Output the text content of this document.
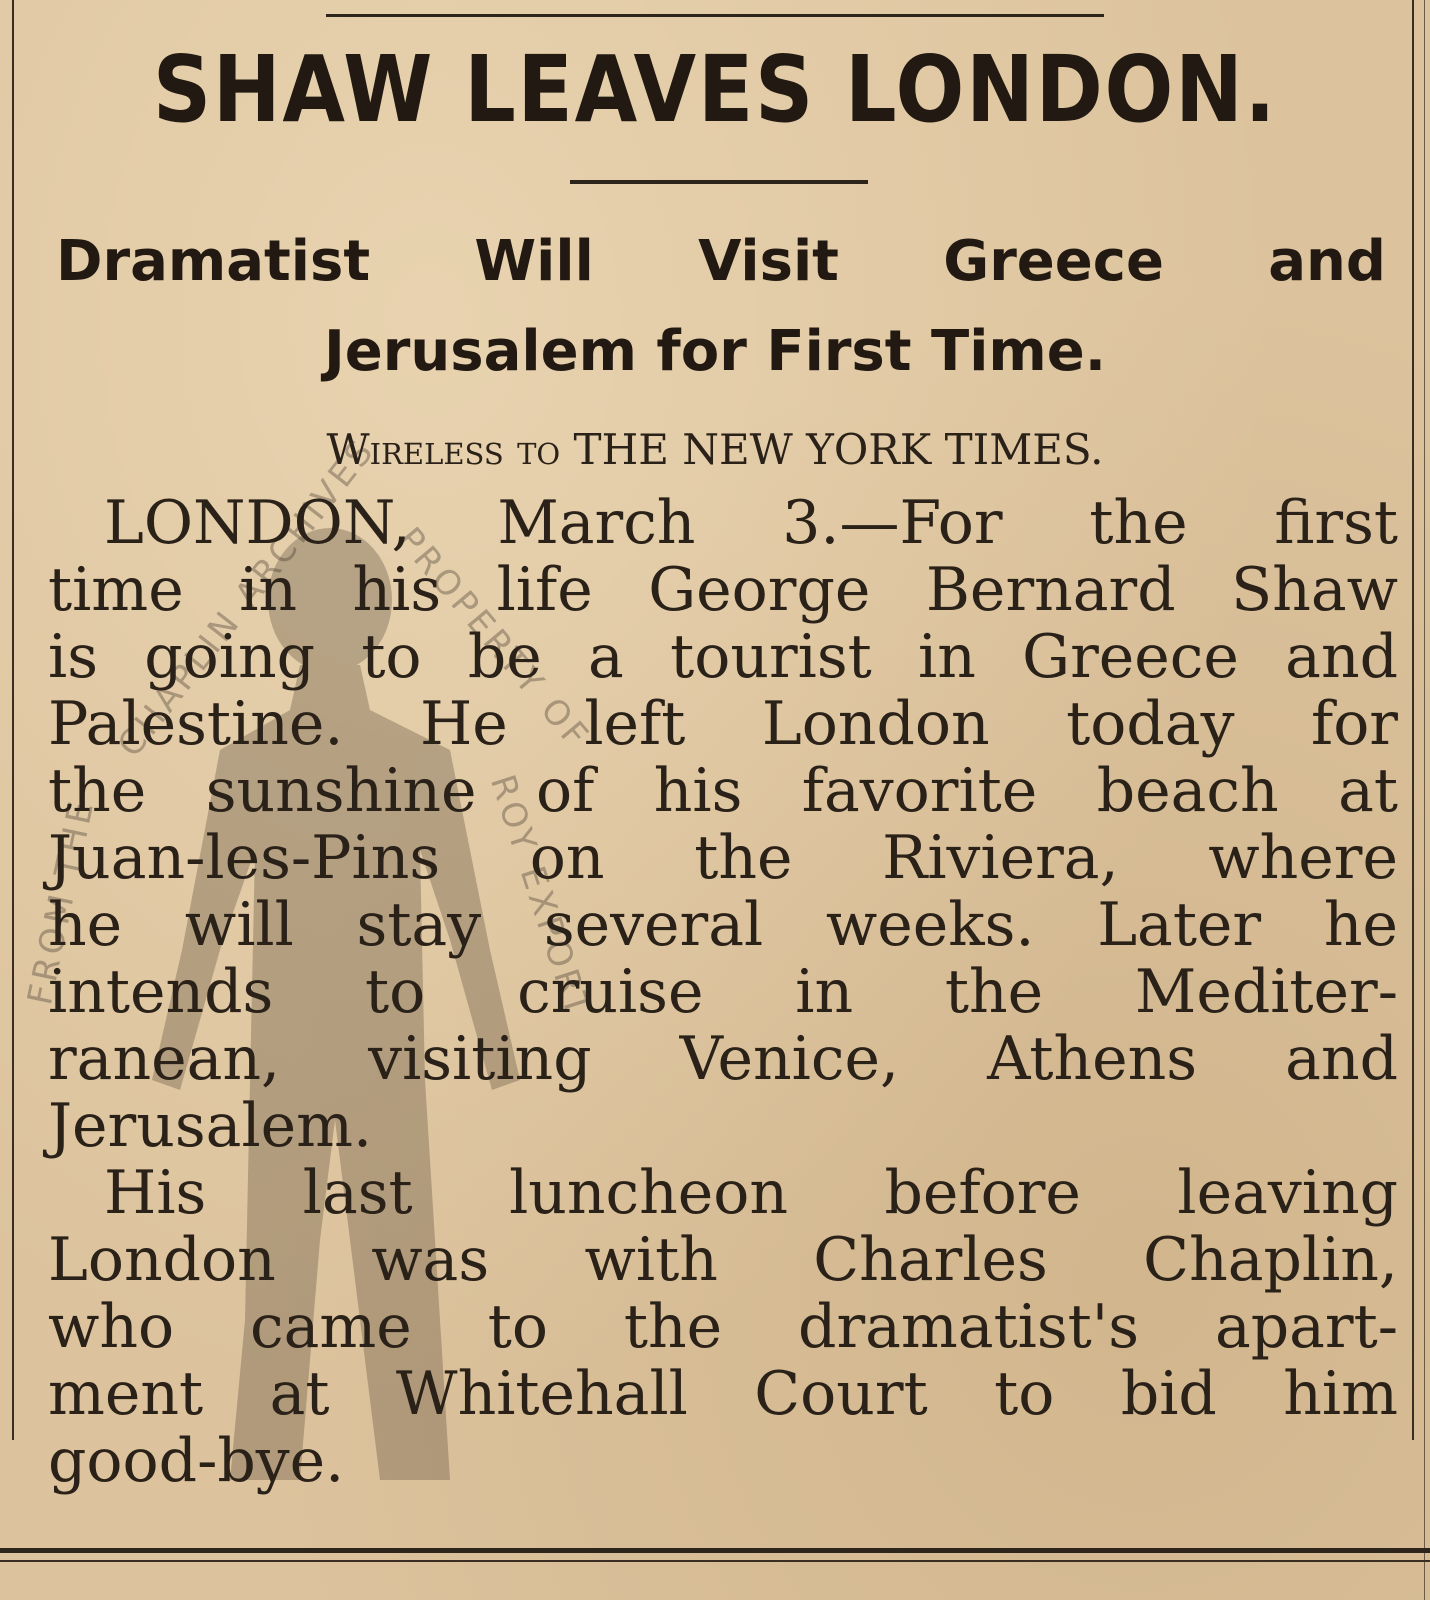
SHAW LEAVES LONDON.
Dramatist Will Visit Greece and
Jerusalem for First Time.
Wireless to THE NEW YORK TIMES.
FROM THE
CHAPLIN ARCHIVES PROPERTY OF
ROY EXPORT
LONDON, March 3.—For the first
time in his life George Bernard Shaw
is going to be a tourist in Greece and
Palestine. He left London today for
the sunshine of his favorite beach at
Juan-les-Pins on the Riviera, where
he will stay several weeks. Later he
intends to cruise in the Mediter-
ranean, visiting Venice, Athens and
Jerusalem.
His last luncheon before leaving
London was with Charles Chaplin,
who came to the dramatist's apart-
ment at Whitehall Court to bid him
good-bye.
